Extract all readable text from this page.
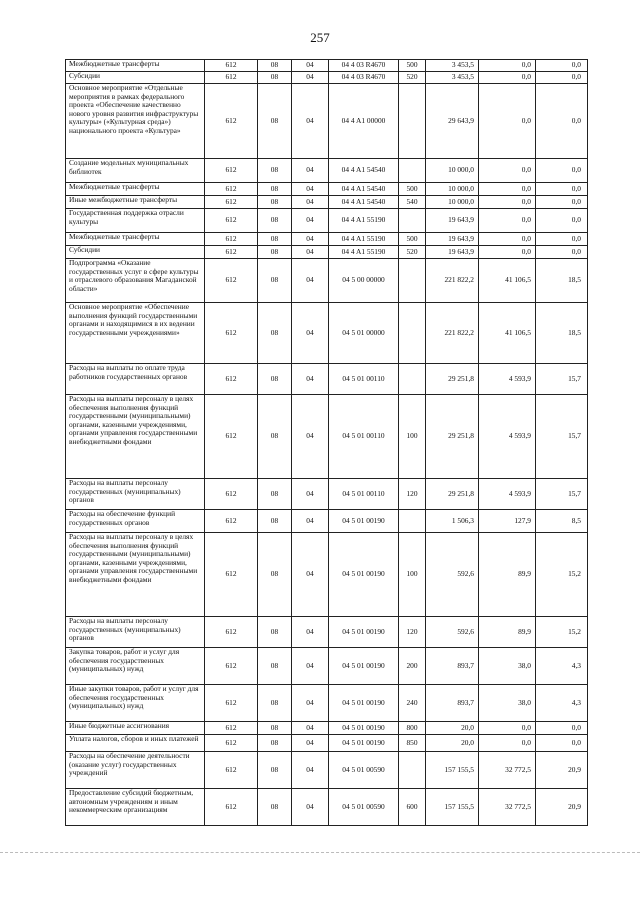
257
Межбюджетные трансферты	612	08	04	04 4 03 R4670	500	3 453,5	0,0	0,0
Субсидии	612	08	04	04 4 03 R4670	520	3 453,5	0,0	0,0
Основное мероприятие «Отдельные мероприятия в рамках федерального проекта «Обеспечение качественно нового уровня развития инфраструктуры культуры» («Культурная среда») национального проекта «Культура»	612	08	04	04 4 A1 00000		29 643,9	0,0	0,0
Создание модельных муниципальных библиотек	612	08	04	04 4 A1 54540		10 000,0	0,0	0,0
Межбюджетные трансферты	612	08	04	04 4 A1 54540	500	10 000,0	0,0	0,0
Иные межбюджетные трансферты	612	08	04	04 4 A1 54540	540	10 000,0	0,0	0,0
Государственная поддержка отрасли культуры	612	08	04	04 4 A1 55190		19 643,9	0,0	0,0
Межбюджетные трансферты	612	08	04	04 4 A1 55190	500	19 643,9	0,0	0,0
Субсидии	612	08	04	04 4 A1 55190	520	19 643,9	0,0	0,0
Подпрограмма «Оказание государственных услуг в сфере культуры и отраслевого образования Магаданской области»	612	08	04	04 5 00 00000		221 822,2	41 106,5	18,5
Основное мероприятие «Обеспечение выполнения функций государственными органами и находящимися в их ведении государственными учреждениями»	612	08	04	04 5 01 00000		221 822,2	41 106,5	18,5
Расходы на выплаты по оплате труда работников государственных органов	612	08	04	04 5 01 00110		29 251,8	4 593,9	15,7
Расходы на выплаты персоналу в целях обеспечения выполнения функций государственными (муниципальными) органами, казенными учреждениями, органами управления государственными внебюджетными фондами	612	08	04	04 5 01 00110	100	29 251,8	4 593,9	15,7
Расходы на выплаты персоналу государственных (муниципальных) органов	612	08	04	04 5 01 00110	120	29 251,8	4 593,9	15,7
Расходы на обеспечение функций государственных органов	612	08	04	04 5 01 00190		1 506,3	127,9	8,5
Расходы на выплаты персоналу в целях обеспечения выполнения функций государственными (муниципальными) органами, казенными учреждениями, органами управления государственными внебюджетными фондами	612	08	04	04 5 01 00190	100	592,6	89,9	15,2
Расходы на выплаты персоналу государственных (муниципальных) органов	612	08	04	04 5 01 00190	120	592,6	89,9	15,2
Закупка товаров, работ и услуг для обеспечения государственных (муниципальных) нужд	612	08	04	04 5 01 00190	200	893,7	38,0	4,3
Иные закупки товаров, работ и услуг для обеспечения государственных (муниципальных) нужд	612	08	04	04 5 01 00190	240	893,7	38,0	4,3
Иные бюджетные ассигнования	612	08	04	04 5 01 00190	800	20,0	0,0	0,0
Уплата налогов, сборов и иных платежей	612	08	04	04 5 01 00190	850	20,0	0,0	0,0
Расходы на обеспечение деятельности (оказание услуг) государственных учреждений	612	08	04	04 5 01 00590		157 155,5	32 772,5	20,9
Предоставление субсидий бюджетным, автономным учреждениям и иным некоммерческим организациям	612	08	04	04 5 01 00590	600	157 155,5	32 772,5	20,9
